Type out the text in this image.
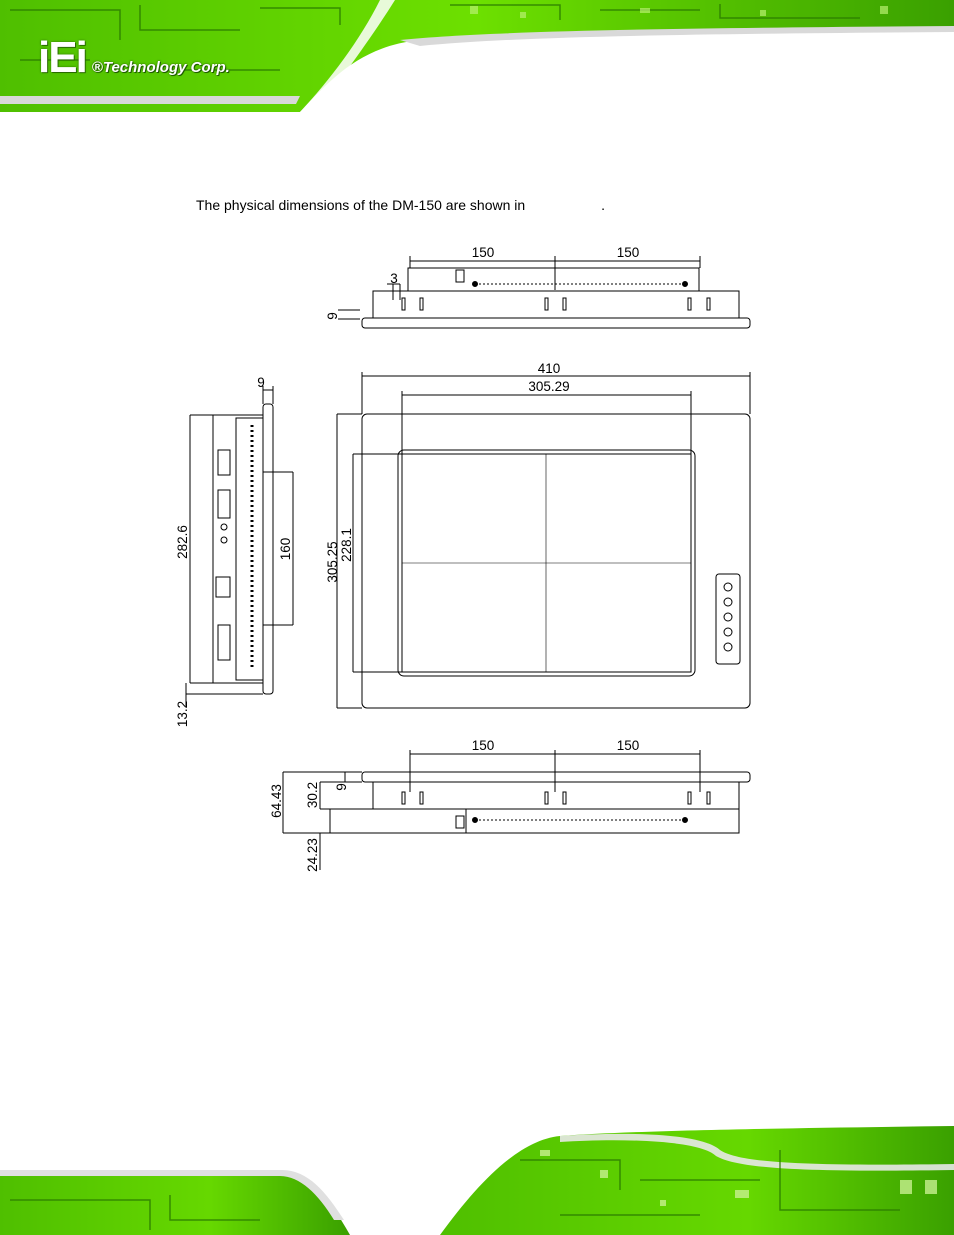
iEi ®Technology Corp.
The physical dimensions of the DM-150 are shown in	.
150	150
3
9
410
305.29
305.25 228.1
9
282.6	160
13.2
150	150
9
64.43 30.2
24.23
